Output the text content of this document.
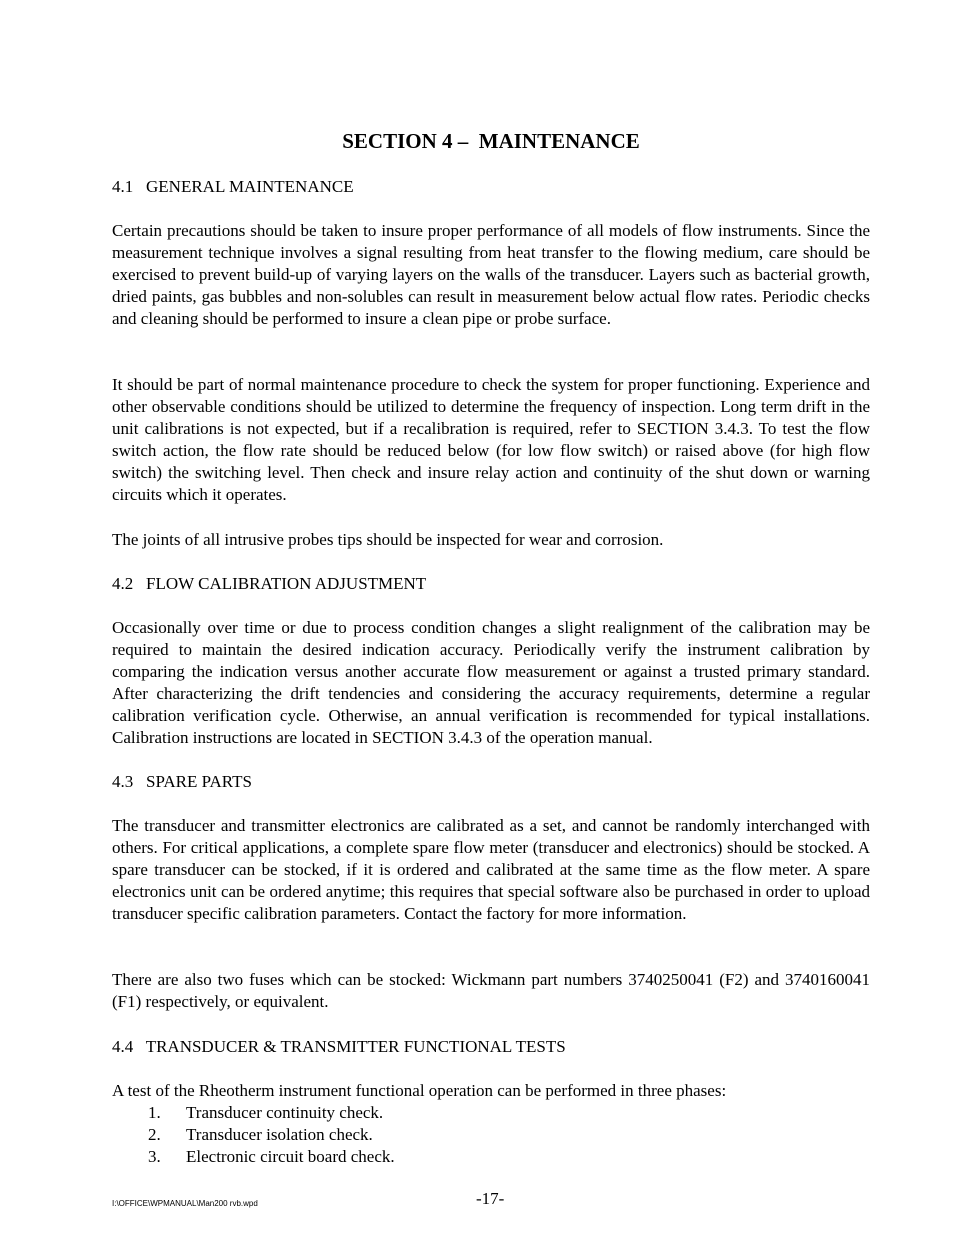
SECTION 4 –  MAINTENANCE
4.1   GENERAL MAINTENANCE
Certain precautions should be taken to insure proper performance of all models of flow instruments. Since the measurement technique involves a signal resulting from heat transfer to the flowing medium, care should be exercised to prevent build-up of varying layers on the walls of the transducer. Layers such as bacterial growth, dried paints, gas bubbles and non-solubles can result in measurement below actual flow rates. Periodic checks and cleaning should be performed to insure a clean pipe or probe surface.
It should be part of normal maintenance procedure to check the system for proper functioning. Experience and other observable conditions should be utilized to determine the frequency of inspection. Long term drift in the unit calibrations is not expected, but if a recalibration is required, refer to SECTION 3.4.3. To test the flow switch action, the flow rate should be reduced below (for low flow switch) or raised above (for high flow switch) the switching level. Then check and insure relay action and continuity of the shut down or warning circuits which it operates.
The joints of all intrusive probes tips should be inspected for wear and corrosion.
4.2   FLOW CALIBRATION ADJUSTMENT
Occasionally over time or due to process condition changes a slight realignment of the calibration may be required to maintain the desired indication accuracy. Periodically verify the instrument calibration by comparing the indication versus another accurate flow measurement or against a trusted primary standard. After characterizing the drift tendencies and considering the accuracy requirements, determine a regular calibration verification cycle. Otherwise, an annual verification is recommended for typical installations. Calibration instructions are located in SECTION 3.4.3 of the operation manual.
4.3   SPARE PARTS
The transducer and transmitter electronics are calibrated as a set, and cannot be randomly interchanged with others. For critical applications, a complete spare flow meter (transducer and electronics) should be stocked. A spare transducer can be stocked, if it is ordered and calibrated at the same time as the flow meter. A spare electronics unit can be ordered anytime; this requires that special software also be purchased in order to upload transducer specific calibration parameters. Contact the factory for more information.
There are also two fuses which can be stocked: Wickmann part numbers 3740250041 (F2) and 3740160041 (F1) respectively, or equivalent.
4.4   TRANSDUCER & TRANSMITTER FUNCTIONAL TESTS
A test of the Rheotherm instrument functional operation can be performed in three phases:
1. Transducer continuity check.
2. Transducer isolation check.
3. Electronic circuit board check.
-17-
I:\OFFICE\WPMANUAL\Man200 rvb.wpd
